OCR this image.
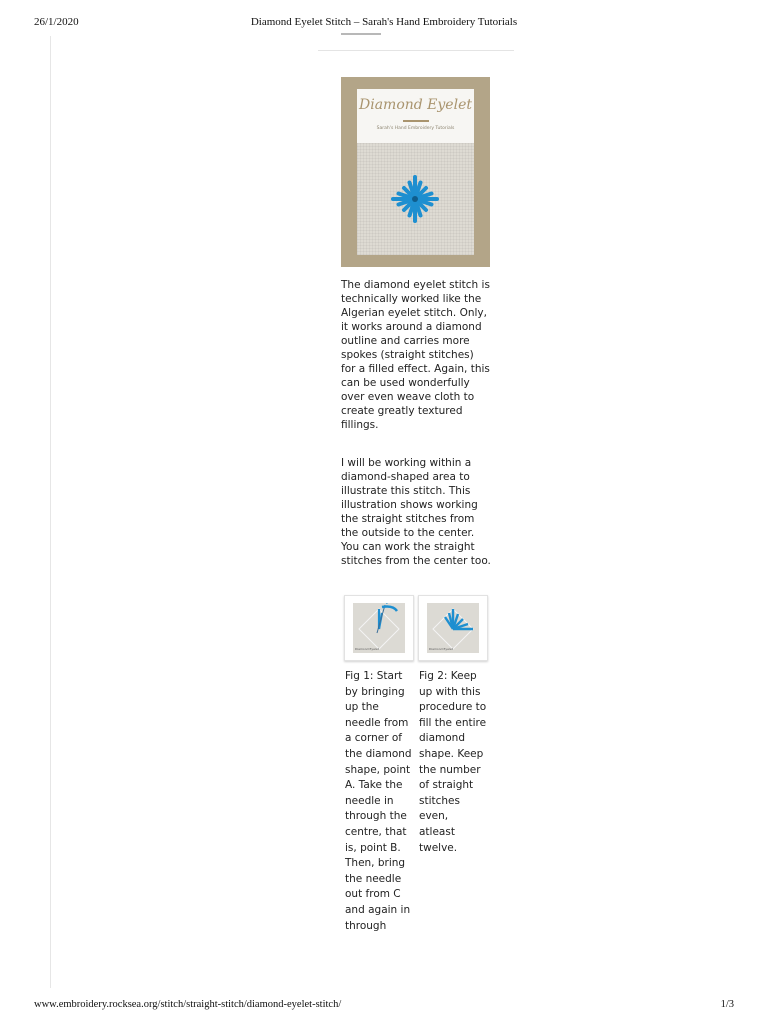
26/1/2020	Diamond Eyelet Stitch – Sarah's Hand Embroidery Tutorials
Diamond Eyelet
Sarah's Hand Embroidery Tutorials
The diamond eyelet stitch is technically worked like the Algerian eyelet stitch. Only, it works around a diamond outline and carries more spokes (straight stitches) for a filled effect. Again, this can be used wonderfully over even weave cloth to create greatly textured fillings.
I will be working within a diamond-shaped area to illustrate this stitch. This illustration shows working the straight stitches from the outside to the center. You can work the straight stitches from the center too.
Diamond Eyelet	Diamond Eyelet
Fig 1: Start by bringing up the needle from a corner of the diamond shape, point A. Take the needle in through the centre, that is, point B. Then, bring the needle out from C and again in through
Fig 2: Keep up with this procedure to fill the entire diamond shape. Keep the number of straight stitches even, atleast twelve.
www.embroidery.rocksea.org/stitch/straight-stitch/diamond-eyelet-stitch/	1/3
